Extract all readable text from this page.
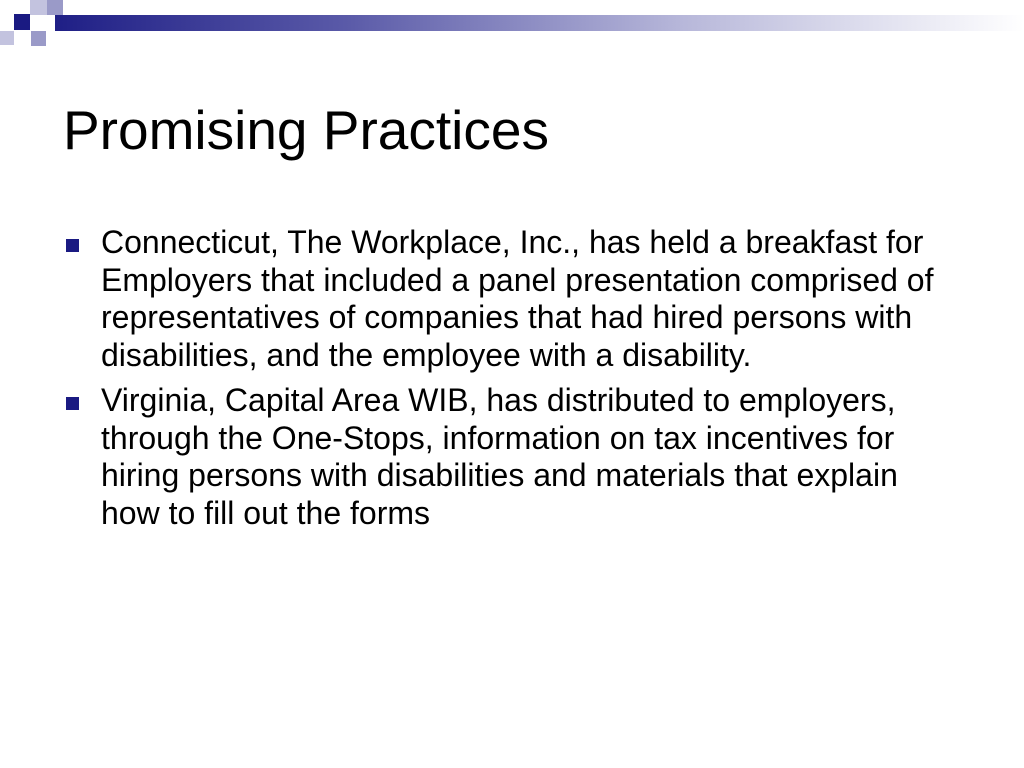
Promising Practices
Connecticut, The Workplace, Inc., has held a breakfast for Employers that included a panel presentation comprised of representatives of companies that had hired persons with disabilities, and the employee with a disability.
Virginia, Capital Area WIB, has distributed to employers, through the One-Stops, information on tax incentives for hiring persons with disabilities and materials that explain how to fill out the forms
